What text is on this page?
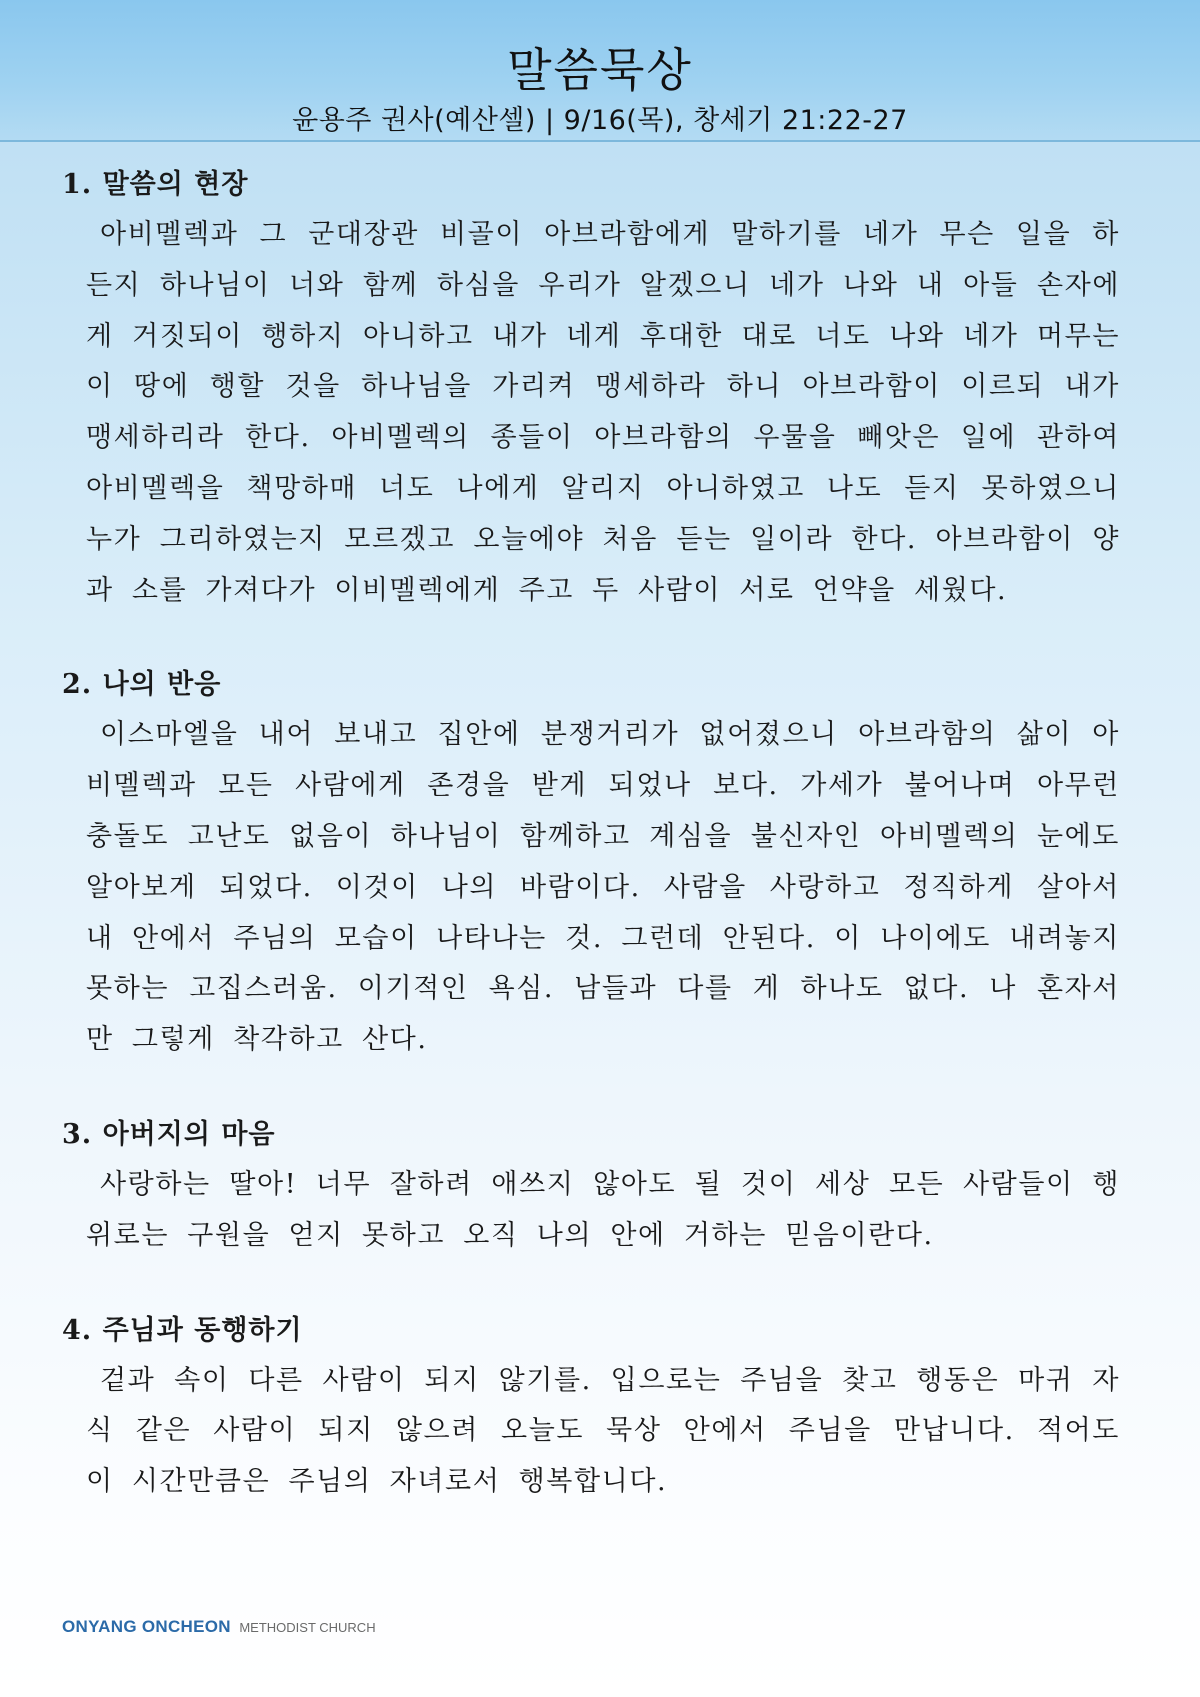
말씀묵상
윤용주 권사(예산셀) | 9/16(목), 창세기 21:22-27

1. 말씀의 현장

아비멜렉과 그 군대장관 비골이 아브라함에게 말하기를 네가 무슨 일을 하든지 하나님이 너와 함께 하심을 우리가 알겠으니 네가 나와 내 아들 손자에게 거짓되이 행하지 아니하고 내가 네게 후대한 대로 너도 나와 네가 머무는 이 땅에 행할 것을 하나님을 가리켜 맹세하라 하니 아브라함이 이르되 내가 맹세하리라 한다. 아비멜렉의 종들이 아브라함의 우물을 빼앗은 일에 관하여 아비멜렉을 책망하매 너도 나에게 알리지 아니하였고 나도 듣지 못하였으니 누가 그리하였는지 모르겠고 오늘에야 처음 듣는 일이라 한다. 아브라함이 양과 소를 가져다가 이비멜렉에게 주고 두 사람이 서로 언약을 세웠다.

2. 나의 반응

이스마엘을 내어 보내고 집안에 분쟁거리가 없어졌으니 아브라함의 삶이 아비멜렉과 모든 사람에게 존경을 받게 되었나 보다. 가세가 불어나며 아무런 충돌도 고난도 없음이 하나님이 함께하고 계심을 불신자인 아비멜렉의 눈에도 알아보게 되었다. 이것이 나의 바람이다. 사람을 사랑하고 정직하게 살아서 내 안에서 주님의 모습이 나타나는 것. 그런데 안된다. 이 나이에도 내려놓지 못하는 고집스러움. 이기적인 욕심. 남들과 다를 게 하나도 없다. 나 혼자서만 그렇게 착각하고 산다.

3. 아버지의 마음

사랑하는 딸아! 너무 잘하려 애쓰지 않아도 될 것이 세상 모든 사람들이 행위로는 구원을 얻지 못하고 오직 나의 안에 거하는 믿음이란다.

4. 주님과 동행하기

겉과 속이 다른 사람이 되지 않기를. 입으로는 주님을 찾고 행동은 마귀 자식 같은 사람이 되지 않으려 오늘도 묵상 안에서 주님을 만납니다. 적어도 이 시간만큼은 주님의 자녀로서 행복합니다.

ONYANG ONCHEON METHODIST CHURCH
